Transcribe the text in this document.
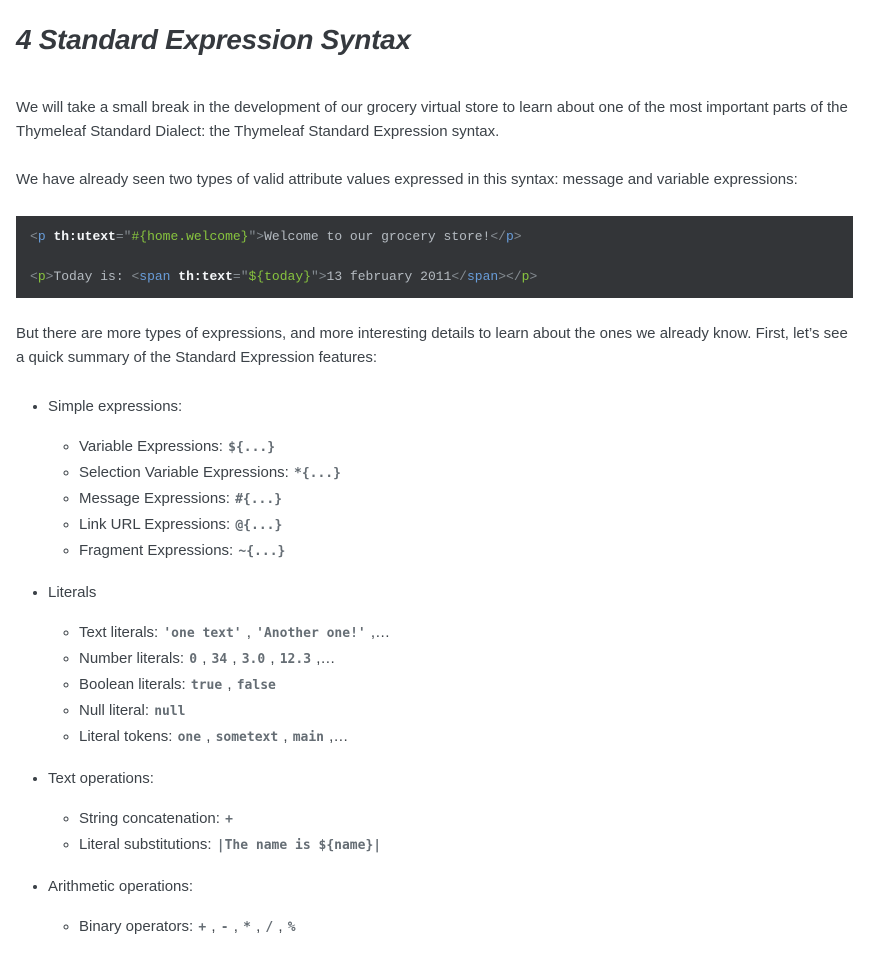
4 Standard Expression Syntax

We will take a small break in the development of our grocery virtual store to learn about one of the most important parts of the Thymeleaf Standard Dialect: the Thymeleaf Standard Expression syntax.

We have already seen two types of valid attribute values expressed in this syntax: message and variable expressions:

<p th:utext="#{home.welcome}">Welcome to our grocery store!</p>

<p>Today is: <span th:text="${today}">13 february 2011</span></p>

But there are more types of expressions, and more interesting details to learn about the ones we already know. First, let’s see a quick summary of the Standard Expression features:

• Simple expressions:
◦ Variable Expressions: ${...}
◦ Selection Variable Expressions: *{...}
◦ Message Expressions: #{...}
◦ Link URL Expressions: @{...}
◦ Fragment Expressions: ~{...}
• Literals
◦ Text literals: 'one text' , 'Another one!' ,…
◦ Number literals: 0 , 34 , 3.0 , 12.3 ,…
◦ Boolean literals: true , false
◦ Null literal: null
◦ Literal tokens: one , sometext , main ,…
• Text operations:
◦ String concatenation: +
◦ Literal substitutions: |The name is ${name}|
• Arithmetic operations:
◦ Binary operators: + , - , * , / , %
